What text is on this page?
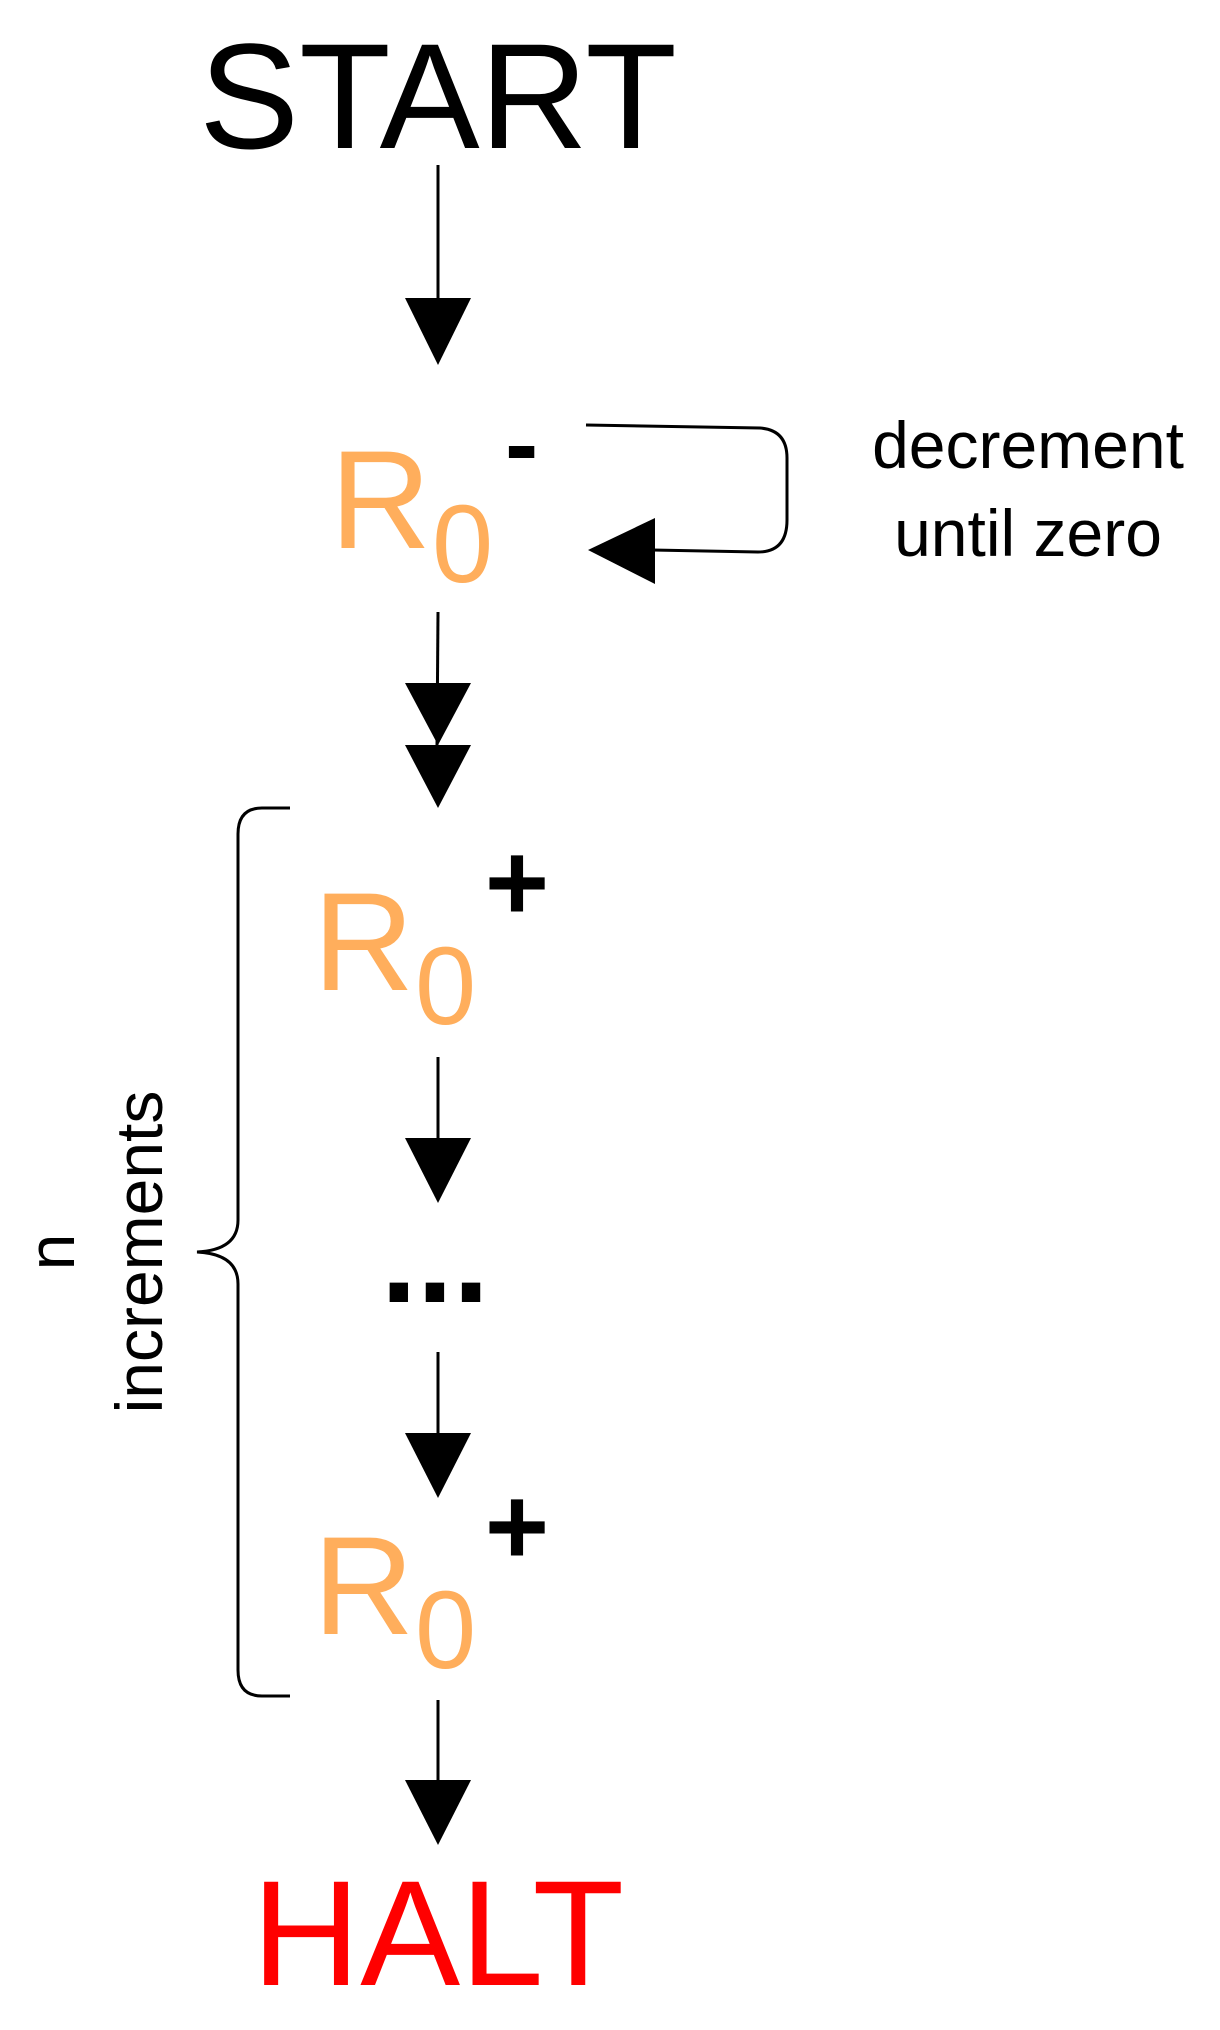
START
R 0
-	decrement
until zero
R 0
+
...
R 0
+
HALT
n increments
